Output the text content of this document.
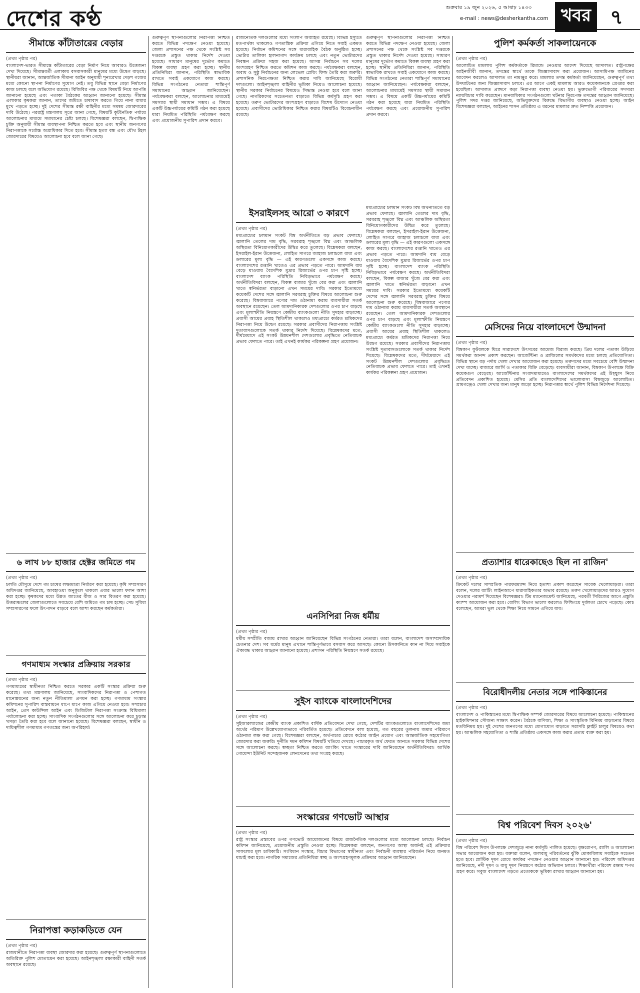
দেশের কণ্ঠ	শুক্রবার ১৯ জুন ২০২৬, ৫ আষাঢ় ১৪৩৩
e-mail : news@desherkantha.com খবর ৭
সীমান্তে কাঁটাতারের বেড়ার
(প্রথম পৃষ্ঠার পর)
বাংলাদেশ-ভারত সীমান্তে কাঁটাতারের বেড়া নির্মাণ নিয়ে আবারও উত্তেজনা দেখা দিয়েছে। সীমান্তবর্তী এলাকায় বসবাসকারী মানুষের মধ্যে উদ্বেগ বাড়ছে। স্থানীয়রা জানান, আন্তর্জাতিক সীমানা আইন অনুযায়ী শূন্যরেখার দেড়শ গজের মধ্যে কোনো স্থাপনা নির্মাণের সুযোগ নেই। তবু বিভিন্ন স্থানে বেড়া নির্মাণের কাজ চলছে বলে অভিযোগ রয়েছে। বিজিবির পক্ষ থেকে বিষয়টি নিয়ে আপত্তি জানানো হয়েছে এবং পতাকা বৈঠকের আহ্বান জানানো হয়েছে। সীমান্ত এলাকার কৃষকরা জানান, তাদের জমিতে চাষাবাদ করতে গিয়ে নানা বাধার মুখে পড়তে হচ্ছে। দুই দেশের সীমান্ত রক্ষী বাহিনীর মধ্যে সমন্বয় জোরদারের দাবি উঠেছে। পররাষ্ট্র মন্ত্রণালয় সূত্রে জানা গেছে, বিষয়টি কূটনৈতিক পর্যায়ে আলোচনার মাধ্যমে সমাধানের চেষ্টা চলছে। বিশেষজ্ঞরা বলছেন, দ্বিপাক্ষিক চুক্তি অনুযায়ী সীমান্ত ব্যবস্থাপনা নিশ্চিত করতে হবে এবং স্থানীয় জনগণের নিরাপত্তাকে সর্বোচ্চ অগ্রাধিকার দিতে হবে। সীমান্ত হত্যা বন্ধ এবং যৌথ টহল জোরদারের বিষয়েও আলোচনা হবে বলে জানা গেছে।
৬ লাখ ৮৮ হাজার হেক্টর জমিতে গম
(প্রথম পৃষ্ঠার পর)
চলতি মৌসুমে দেশে গম চাষের লক্ষ্যমাত্রা নির্ধারণ করা হয়েছে। কৃষি সম্প্রসারণ অধিদপ্তর জানিয়েছে, আবহাওয়া অনুকূলে থাকলে এবার ভালো ফলন আশা করা হচ্ছে। কৃষকদের মধ্যে উন্নত জাতের বীজ ও সার বিতরণ করা হয়েছে। উত্তরাঞ্চলের জেলাগুলোতে সবচেয়ে বেশি জমিতে গম চাষ হচ্ছে। সেচ সুবিধা সম্প্রসারণের ফলে উৎপাদন বাড়বে বলে আশা করছেন কর্মকর্তারা।
গণমাধ্যম সংস্কার প্রক্রিয়ায় সরকার
(প্রথম পৃষ্ঠার পর)
গণমাধ্যমের স্বাধীনতা নিশ্চিত করতে সরকার একটি সংস্কার প্রক্রিয়া শুরু করেছে। তথ্য মন্ত্রণালয় জানিয়েছে, সাংবাদিকদের নিরাপত্তা ও পেশাগত মানোন্নয়নের জন্য নতুন নীতিমালা প্রণয়ন করা হচ্ছে। গণমাধ্যম সংস্কার কমিশনের সুপারিশ বাস্তবায়নে ধাপে ধাপে কাজ এগিয়ে নেওয়া হবে। সম্প্রচার আইন, প্রেস কাউন্সিল আইন এবং ডিজিটাল নিরাপত্তা সংক্রান্ত বিধিমালা পর্যালোচনা করা হচ্ছে। সাংবাদিক সংগঠনগুলোর সঙ্গে আলোচনা করে চূড়ান্ত খসড়া তৈরি করা হবে বলে জানানো হয়েছে। বিশেষজ্ঞরা বলছেন, স্বাধীন ও দায়িত্বশীল গণমাধ্যম গণতন্ত্রের জন্য অপরিহার্য।
নিরাপত্তা কড়াকড়িতে যেন
(প্রথম পৃষ্ঠার পর)
রাজধানীতে নিরাপত্তা ব্যবস্থা জোরদার করা হয়েছে। গুরুত্বপূর্ণ স্থাপনাগুলোতে অতিরিক্ত পুলিশ মোতায়েন করা হয়েছে। আইনশৃঙ্খলা রক্ষাকারী বাহিনী সতর্ক অবস্থানে রয়েছে।
গুরুত্বপূর্ণ স্থাপনাগুলোর নিরাপত্তা নিশ্চিত করতে বিভিন্ন পদক্ষেপ নেওয়া হয়েছে। জেলা প্রশাসনের পক্ষ থেকে সংশ্লিষ্ট সব দপ্তরকে প্রস্তুত থাকার নির্দেশ দেওয়া হয়েছে। সাধারণ মানুষের দুর্ভোগ কমাতে বিকল্প ব্যবস্থা গ্রহণ করা হচ্ছে। স্থানীয় প্রতিনিধিরা জানান, পরিস্থিতি স্বাভাবিক রাখতে সবাই একযোগে কাজ করছে। বিভিন্ন সংগঠনের নেতারা শান্তিপূর্ণ সমাধানের আহ্বান জানিয়েছেন। পর্যবেক্ষকরা বলছেন, আলোচনার মাধ্যমেই সমস্যার স্থায়ী সমাধান সম্ভব। এ বিষয়ে একটি উচ্চপর্যায়ের কমিটি গঠন করা হয়েছে যারা নিয়মিত পরিস্থিতি পর্যবেক্ষণ করছে এবং প্রয়োজনীয় সুপারিশ প্রদান করবে।
ইসরাইলসহ আরো ৩ কারণে
(প্রথম পৃষ্ঠার পর)
মধ্যপ্রাচ্যের চলমান সংকট বিশ্ব অর্থনীতিতে বড় প্রভাব ফেলছে। জ্বালানি তেলের দাম বৃদ্ধি, সরবরাহ শৃঙ্খলে বিঘ্ন এবং আঞ্চলিক অস্থিরতা বিনিয়োগকারীদের উদ্বিগ্ন করে তুলেছে। বিশ্লেষকরা বলছেন, ইসরাইল-ইরান উত্তেজনা, লোহিত সাগরে জাহাজ চলাচলে বাধা এবং ডলারের মূল্য বৃদ্ধি — এই কারণগুলো একসঙ্গে কাজ করছে। বাংলাদেশের রপ্তানি খাতেও এর প্রভাব পড়তে পারে। আমদানি ব্যয় বেড়ে যাওয়ায় বৈদেশিক মুদ্রার রিজার্ভের ওপর চাপ সৃষ্টি হচ্ছে। বাংলাদেশ ব্যাংক পরিস্থিতি নিবিড়ভাবে পর্যবেক্ষণ করছে। অর্থনীতিবিদরা বলছেন, বিকল্প বাজার খুঁজে বের করা এবং জ্বালানি খাতে স্বনির্ভরতা বাড়ানো এখন সময়ের দাবি। সরকার ইতোমধ্যে কয়েকটি দেশের সঙ্গে জ্বালানি সরবরাহ চুক্তির বিষয়ে আলোচনা শুরু করেছে। বিশ্ববাজারে পণ্যের দাম ওঠানামা করায় ব্যবসায়ীরা সতর্ক অবস্থানে রয়েছেন। তেল আমদানিকারক দেশগুলোর ওপর চাপ বাড়ছে এবং মূল্যস্ফীতি নিয়ন্ত্রণে কেন্দ্রীয় ব্যাংকগুলো নীতি সুদহার বাড়াচ্ছে। প্রবাসী আয়ের প্রবাহ স্থিতিশীল থাকলেও মধ্যপ্রাচ্যে কর্মরত শ্রমিকদের নিরাপত্তা নিয়ে উদ্বেগ রয়েছে। সরকার প্রবাসীদের নিরাপত্তায় সংশ্লিষ্ট দূতাবাসগুলোকে সতর্ক থাকার নির্দেশ দিয়েছে। বিশ্লেষকদের মতে, দীর্ঘমেয়াদে এই সংকট উন্নয়নশীল দেশগুলোর প্রবৃদ্ধিতে নেতিবাচক প্রভাব ফেলতে পারে। তাই এখনই কার্যকর পরিকল্পনা গ্রহণ প্রয়োজন।
রাজনৈতিক দলগুলোর মধ্যে সংলাপ অব্যাহত রয়েছে। বিভিন্ন ইস্যুতে মতপার্থক্য থাকলেও গণতান্ত্রিক প্রক্রিয়া এগিয়ে নিতে সবাই একমত হয়েছে। নির্বাচন কমিশনের সঙ্গে ধারাবাহিক বৈঠক অনুষ্ঠিত হচ্ছে। ভোটার তালিকা হালনাগাদ কার্যক্রম চলছে এবং নতুন ভোটারদের নিবন্ধন প্রক্রিয়া সহজ করা হয়েছে। আসন্ন নির্বাচনে সব দলের অংশগ্রহণ নিশ্চিত করতে কমিশন কাজ করছে। পর্যবেক্ষকরা বলছেন, অবাধ ও সুষ্ঠু নির্বাচনের জন্য লেভেল প্লেয়িং ফিল্ড তৈরি করা জরুরি। প্রশাসনিক নিরপেক্ষতা নিশ্চিত করার দাবি জানিয়েছে বিরোধী দলগুলো। আইনশৃঙ্খলা বাহিনীর ভূমিকা নিয়েও আলোচনা হয়েছে। স্থানীয় সরকার নির্বাচনের বিষয়েও সিদ্ধান্ত নেওয়া হবে বলে জানা গেছে। নাগরিকদের সচেতনতা বাড়াতে বিভিন্ন কর্মসূচি গ্রহণ করা হয়েছে। তরুণ ভোটারদের অংশগ্রহণ বাড়াতে বিশেষ উদ্যোগ নেওয়া হয়েছে। প্রবাসীদের ভোটাধিকার নিশ্চিত করার বিষয়টিও বিবেচনাধীন রয়েছে।
সুইস ব্যাংকে বাংলাদেশিদের
(প্রথম পৃষ্ঠার পর)
সুইজারল্যান্ডের কেন্দ্রীয় ব্যাংক প্রকাশিত বার্ষিক প্রতিবেদনে দেখা গেছে, দেশটির ব্যাংকগুলোতে বাংলাদেশিদের জমা অর্থের পরিমাণ উল্লেখযোগ্যভাবে পরিবর্তিত হয়েছে। প্রতিবেদনে বলা হয়েছে, গত বছরের তুলনায় জমার পরিমাণে ওঠানামা লক্ষ করা গেছে। বিশেষজ্ঞরা বলছেন, অর্থপাচার রোধে কঠোর আইন প্রয়োগ এবং আন্তর্জাতিক সহযোগিতা জোরদার করা জরুরি। দুর্নীতি দমন কমিশন বিষয়টি খতিয়ে দেখছে। পাচারকৃত অর্থ ফেরত আনতে সরকার বিভিন্ন দেশের সঙ্গে আলোচনা করছে। স্বচ্ছতা নিশ্চিত করতে ব্যাংকিং খাতে সংস্কারের দাবি জানিয়েছেন অর্থনীতিবিদরা। আর্থিক গোয়েন্দা ইউনিট সন্দেহজনক লেনদেনের তথ্য সংগ্রহ করছে।
সংস্কারের গণভোট আস্থার
(প্রথম পৃষ্ঠার পর)
রাষ্ট্র সংস্কার প্রস্তাবের ওপর গণভোট আয়োজনের বিষয়ে রাজনৈতিক দলগুলোর মধ্যে আলোচনা চলছে। নির্বাচন কমিশন জানিয়েছে, প্রয়োজনীয় প্রস্তুতি নেওয়া হচ্ছে। বিশ্লেষকরা বলছেন, জনগণের আস্থা অর্জনই এই প্রক্রিয়ার সাফল্যের মূল চাবিকাঠি। সংবিধান সংস্কার, বিচার বিভাগের স্বাধীনতা এবং নির্বাচনী ব্যবস্থার পরিবর্তন নিয়ে জনমত যাচাই করা হবে। নাগরিক সমাজের প্রতিনিধিরা স্বচ্ছ ও অংশগ্রহণমূলক প্রক্রিয়ার আহ্বান জানিয়েছেন।
মধ্যপ্রাচ্যের চলমান সংকট বিশ্ব অর্থনীতিতে বড় প্রভাব ফেলছে। জ্বালানি তেলের দাম বৃদ্ধি, সরবরাহ শৃঙ্খলে বিঘ্ন এবং আঞ্চলিক অস্থিরতা বিনিয়োগকারীদের উদ্বিগ্ন করে তুলেছে। বিশ্লেষকরা বলছেন, ইসরাইল-ইরান উত্তেজনা, লোহিত সাগরে জাহাজ চলাচলে বাধা এবং ডলারের মূল্য বৃদ্ধি — এই কারণগুলো একসঙ্গে কাজ করছে। বাংলাদেশের রপ্তানি খাতেও এর প্রভাব পড়তে পারে। আমদানি ব্যয় বেড়ে যাওয়ায় বৈদেশিক মুদ্রার রিজার্ভের ওপর চাপ সৃষ্টি হচ্ছে। বাংলাদেশ ব্যাংক পরিস্থিতি নিবিড়ভাবে পর্যবেক্ষণ করছে। অর্থনীতিবিদরা বলছেন, বিকল্প বাজার খুঁজে বের করা এবং জ্বালানি খাতে স্বনির্ভরতা বাড়ানো এখন সময়ের দাবি। সরকার ইতোমধ্যে কয়েকটি দেশের সঙ্গে জ্বালানি সরবরাহ চুক্তির বিষয়ে আলোচনা শুরু করেছে। বিশ্ববাজারে পণ্যের দাম ওঠানামা করায় ব্যবসায়ীরা সতর্ক অবস্থানে রয়েছেন। তেল আমদানিকারক দেশগুলোর ওপর চাপ বাড়ছে এবং মূল্যস্ফীতি নিয়ন্ত্রণে কেন্দ্রীয় ব্যাংকগুলো নীতি সুদহার বাড়াচ্ছে। প্রবাসী আয়ের প্রবাহ স্থিতিশীল থাকলেও মধ্যপ্রাচ্যে কর্মরত শ্রমিকদের নিরাপত্তা নিয়ে উদ্বেগ রয়েছে। সরকার প্রবাসীদের নিরাপত্তায় সংশ্লিষ্ট দূতাবাসগুলোকে সতর্ক থাকার নির্দেশ দিয়েছে। বিশ্লেষকদের মতে, দীর্ঘমেয়াদে এই সংকট উন্নয়নশীল দেশগুলোর প্রবৃদ্ধিতে নেতিবাচক প্রভাব ফেলতে পারে। তাই এখনই কার্যকর পরিকল্পনা গ্রহণ প্রয়োজন।
গুরুত্বপূর্ণ স্থাপনাগুলোর নিরাপত্তা নিশ্চিত করতে বিভিন্ন পদক্ষেপ নেওয়া হয়েছে। জেলা প্রশাসনের পক্ষ থেকে সংশ্লিষ্ট সব দপ্তরকে প্রস্তুত থাকার নির্দেশ দেওয়া হয়েছে। সাধারণ মানুষের দুর্ভোগ কমাতে বিকল্প ব্যবস্থা গ্রহণ করা হচ্ছে। স্থানীয় প্রতিনিধিরা জানান, পরিস্থিতি স্বাভাবিক রাখতে সবাই একযোগে কাজ করছে। বিভিন্ন সংগঠনের নেতারা শান্তিপূর্ণ সমাধানের আহ্বান জানিয়েছেন। পর্যবেক্ষকরা বলছেন, আলোচনার মাধ্যমেই সমস্যার স্থায়ী সমাধান সম্ভব। এ বিষয়ে একটি উচ্চপর্যায়ের কমিটি গঠন করা হয়েছে যারা নিয়মিত পরিস্থিতি পর্যবেক্ষণ করছে এবং প্রয়োজনীয় সুপারিশ প্রদান করবে।
এনসিপিরা নিজ ধর্মীয়
(প্রথম পৃষ্ঠার পর)
ধর্মীয় সম্প্রীতি বজায় রাখার আহ্বান জানিয়েছেন বিভিন্ন সংগঠনের নেতারা। তারা বলেন, বাংলাদেশ অসাম্প্রদায়িক চেতনার দেশ। সব ধর্মের মানুষ এখানে শান্তিপূর্ণভাবে বসবাস করে আসছে। কোনো উসকানিতে কান না দিয়ে সবাইকে ঐক্যবদ্ধ থাকার আহ্বান জানানো হয়েছে। প্রশাসন পরিস্থিতি নিয়ন্ত্রণে সতর্ক রয়েছে।
পুলিশ কর্মকর্তা সাকলায়েনকে
(প্রথম পৃষ্ঠার পর)
আলোচিত মামলায় পুলিশ কর্মকর্তাকে রিমান্ডে নেওয়ার আদেশ দিয়েছে আদালত। রাষ্ট্রপক্ষের আইনজীবী জানান, তদন্তের স্বার্থে তাকে জিজ্ঞাসাবাদ করা প্রয়োজন। আসামিপক্ষ জামিনের আবেদন করলেও আদালত তা নামঞ্জুর করে। মামলার তদন্ত কর্মকর্তা জানিয়েছেন, গুরুত্বপূর্ণ তথ্য উদঘাটনের জন্য জিজ্ঞাসাবাদ চলবে। এর আগে একই মামলায় আরও কয়েকজনকে গ্রেপ্তার করা হয়েছিল। আদালত প্রাঙ্গণে কড়া নিরাপত্তা ব্যবস্থা নেওয়া হয়। ভুক্তভোগী পরিবারের সদস্যরা ন্যায়বিচার দাবি করেছেন। মানবাধিকার সংগঠনগুলো ঘটনার নিরপেক্ষ তদন্তের আহ্বান জানিয়েছে। পুলিশ সদর দপ্তর জানিয়েছে, অভিযুক্তদের বিরুদ্ধে বিভাগীয় ব্যবস্থাও নেওয়া হচ্ছে। আইন বিশেষজ্ঞরা বলছেন, আইনের শাসন প্রতিষ্ঠায় এ ধরনের মামলার দ্রুত নিষ্পত্তি প্রয়োজন।
মেসিদের নিয়ে বাংলাদেশে উন্মাদনা
(প্রথম পৃষ্ঠার পর)
বিশ্বকাপ ফুটবলকে ঘিরে সারাদেশে উৎসবের আমেজ বিরাজ করছে। প্রিয় দলের পতাকা উড়িয়ে সমর্থকরা আনন্দ প্রকাশ করছেন। আর্জেন্টিনা ও ব্রাজিলের সমর্থকদের মধ্যে চলছে প্রতিযোগিতা। বিভিন্ন স্থানে বড় পর্দায় খেলা দেখার আয়োজন করা হয়েছে। তরুণদের মধ্যে সবচেয়ে বেশি উন্মাদনা দেখা যাচ্ছে। বাজারে জার্সি ও পতাকার বিক্রি বেড়েছে। ব্যবসায়ীরা জানান, বিশ্বকাপ উপলক্ষে বিক্রি কয়েকগুণ বেড়েছে। আর্জেন্টিনার সংবাদমাধ্যমেও বাংলাদেশের সমর্থকদের এই উচ্ছ্বাস নিয়ে প্রতিবেদন প্রকাশিত হয়েছে। মেসির প্রতি বাংলাদেশিদের ভালোবাসা বিশ্বজুড়ে আলোচিত। গ্রামগঞ্জেও খেলা দেখার জন্য মানুষ জড়ো হচ্ছে। নিরাপত্তার স্বার্থে পুলিশ বিভিন্ন নির্দেশনা দিয়েছে।
প্রত্যাশার ধারেকাছেও ছিল না রাজিন'
(প্রথম পৃষ্ঠার পর)
ক্রিকেট দলের সাম্প্রতিক পারফরম্যান্স নিয়ে হতাশা প্রকাশ করেছেন সাবেক খেলোয়াড়রা। তারা বলেন, দলের ব্যাটিং লাইনআপে ধারাবাহিকতার অভাব রয়েছে। তরুণ খেলোয়াড়দের আরও সুযোগ দেওয়ার পরামর্শ দিয়েছেন বিশেষজ্ঞরা। টিম ম্যানেজমেন্ট জানিয়েছে, পরবর্তী সিরিজের আগে প্রস্তুতি ক্যাম্প আয়োজন করা হবে। বোলিং বিভাগ ভালো করলেও ফিল্ডিংয়ে দুর্বলতা চোখে পড়েছে। কোচ বলেছেন, আমরা ভুল থেকে শিক্ষা নিয়ে সামনে এগিয়ে যাব।
বিরোধীদলীয় নেতার সঙ্গে পাকিস্তানের
(প্রথম পৃষ্ঠার পর)
বাংলাদেশ ও পাকিস্তানের মধ্যে দ্বিপাক্ষিক সম্পর্ক জোরদারের বিষয়ে আলোচনা হয়েছে। পাকিস্তানের হাইকমিশনার সৌজন্য সাক্ষাৎ করেন। বৈঠকে বাণিজ্য, শিক্ষা ও সাংস্কৃতিক বিনিময় বাড়ানোর বিষয়ে মতবিনিময় হয়। দুই দেশের জনগণের মধ্যে যোগাযোগ বাড়াতে সরাসরি ফ্লাইট চালুর বিষয়েও কথা হয়। আঞ্চলিক সহযোগিতা ও শান্তি প্রতিষ্ঠায় একসঙ্গে কাজ করার প্রত্যয় ব্যক্ত করা হয়।
বিশ্ব পরিবেশ দিবস ২০২৬'
(প্রথম পৃষ্ঠার পর)
বিশ্ব পরিবেশ দিবস উপলক্ষে দেশজুড়ে নানা কর্মসূচি পালিত হয়েছে। বৃক্ষরোপণ, র‍্যালি ও আলোচনা সভার আয়োজন করা হয়। বক্তারা বলেন, জলবায়ু পরিবর্তনের ঝুঁকি মোকাবিলায় সবাইকে সচেতন হতে হবে। প্লাস্টিক দূষণ রোধে কার্যকর পদক্ষেপ নেওয়ার আহ্বান জানানো হয়। পরিবেশ অধিদপ্তর জানিয়েছে, নদী দূষণ ও বায়ু দূষণ নিয়ন্ত্রণে কঠোর অভিযান চলবে। শিক্ষার্থীরা পরিবেশ রক্ষায় শপথ গ্রহণ করে। সবুজ বাংলাদেশ গড়তে প্রত্যেককে ভূমিকা রাখার আহ্বান জানানো হয়।
